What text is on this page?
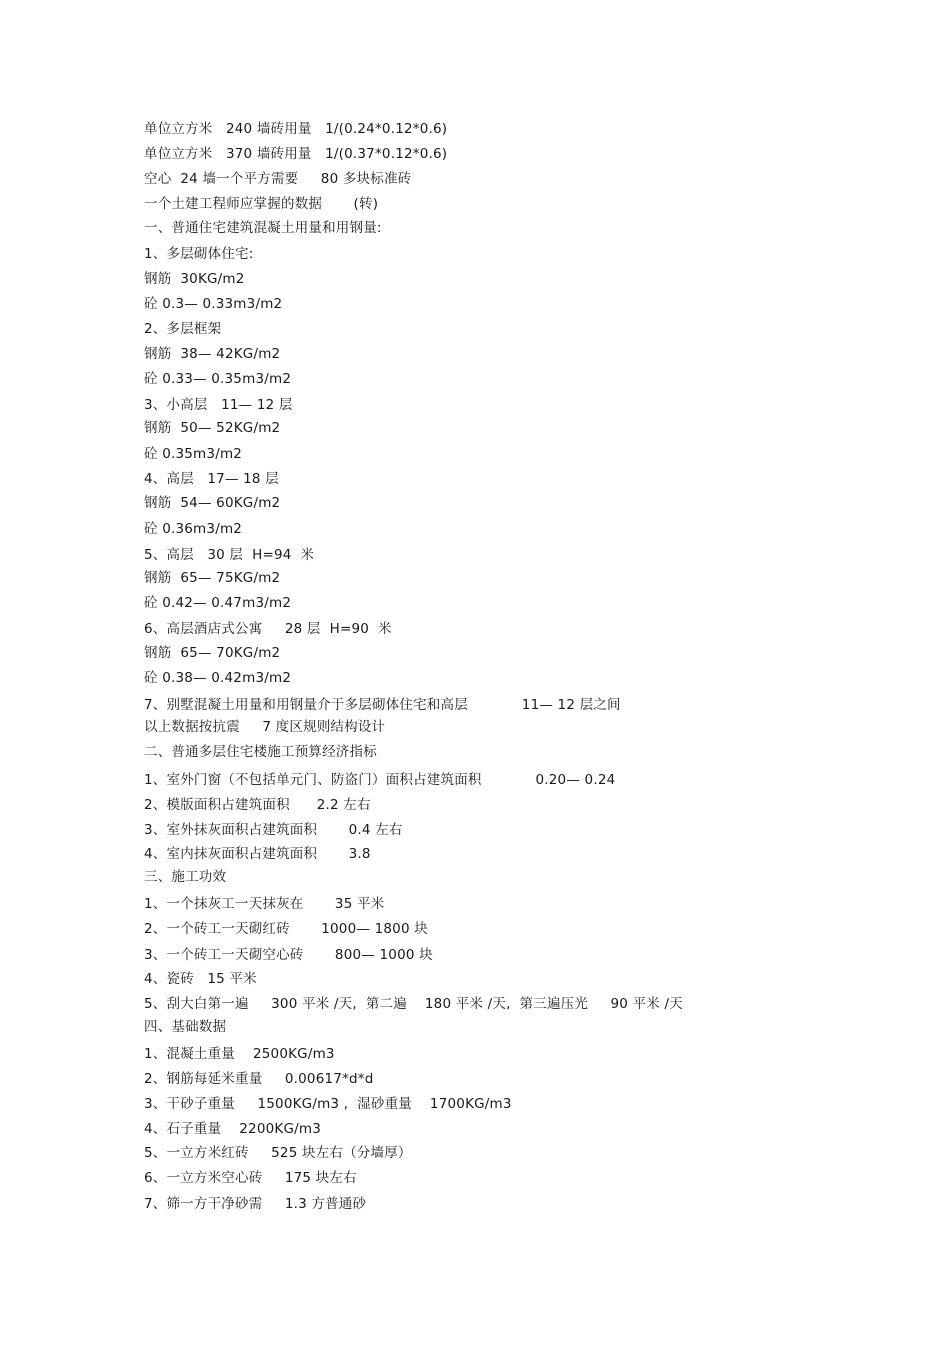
单位立方米   240 墙砖用量   1/(0.24*0.12*0.6)
单位立方米   370 墙砖用量   1/(0.37*0.12*0.6)
空心  24 墙一个平方需要     80 多块标准砖
一个土建工程师应掌握的数据       (转)
一、普通住宅建筑混凝土用量和用钢量:
1、多层砌体住宅:
钢筋  30KG/m2
砼 0.3— 0.33m3/m2
2、多层框架
钢筋  38— 42KG/m2
砼 0.33— 0.35m3/m2
3、小高层   11— 12 层
钢筋  50— 52KG/m2
砼 0.35m3/m2
4、高层   17— 18 层
钢筋  54— 60KG/m2
砼 0.36m3/m2
5、高层   30 层  H=94  米
钢筋  65— 75KG/m2
砼 0.42— 0.47m3/m2
6、高层酒店式公寓     28 层  H=90  米
钢筋  65— 70KG/m2
砼 0.38— 0.42m3/m2
7、别墅混凝土用量和用钢量介于多层砌体住宅和高层            11— 12 层之间
以上数据按抗震     7 度区规则结构设计
二、普通多层住宅楼施工预算经济指标
1、室外门窗（不包括单元门、防盗门）面积占建筑面积            0.20— 0.24
2、模版面积占建筑面积      2.2 左右
3、室外抹灰面积占建筑面积       0.4 左右
4、室内抹灰面积占建筑面积       3.8
三、施工功效
1、一个抹灰工一天抹灰在       35 平米
2、一个砖工一天砌红砖       1000— 1800 块
3、一个砖工一天砌空心砖       800— 1000 块
4、瓷砖   15 平米
5、刮大白第一遍     300 平米 /天,  第二遍    180 平米 /天,  第三遍压光     90 平米 /天
四、基础数据
1、混凝土重量    2500KG/m3
2、钢筋每延米重量     0.00617*d*d
3、干砂子重量     1500KG/m3 ,  湿砂重量    1700KG/m3
4、石子重量    2200KG/m3
5、一立方米红砖     525 块左右（分墙厚）
6、一立方米空心砖     175 块左右
7、筛一方干净砂需     1.3 方普通砂
